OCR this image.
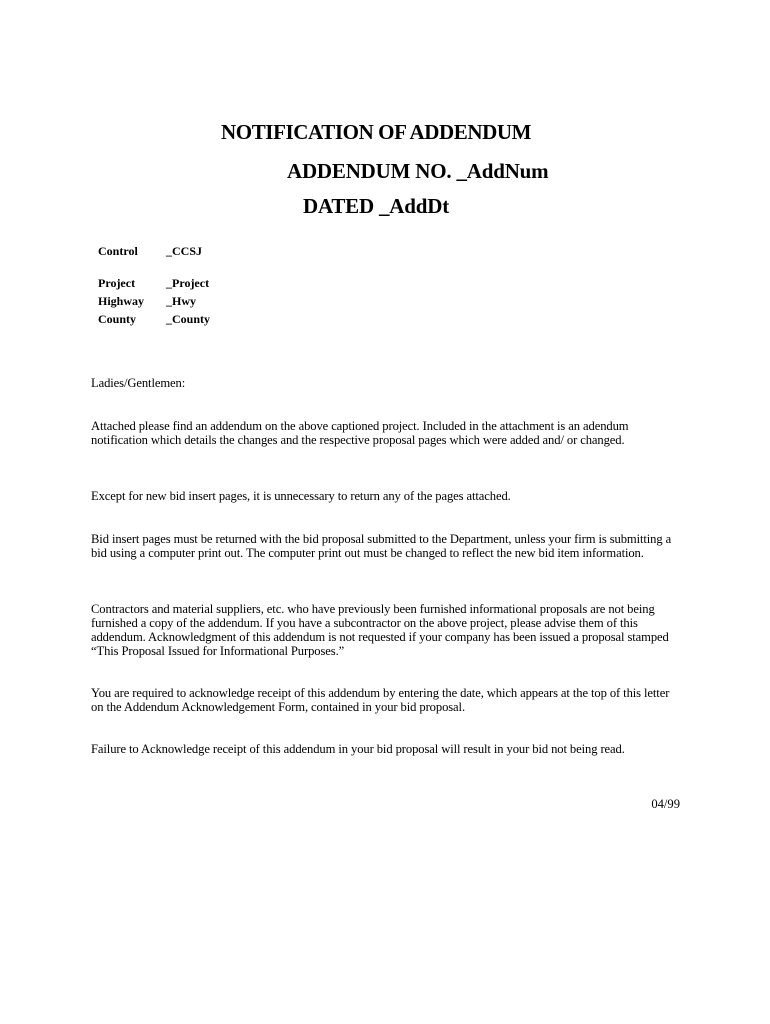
NOTIFICATION OF ADDENDUM
ADDENDUM NO. _AddNum
DATED _AddDt
Control _CCSJ
Project	_Project
Highway _Hwy
County _County
Ladies/Gentlemen:
Attached please find an addendum on the above captioned project. Included in the attachment is an adendum notification which details the changes and the respective proposal pages which were added and/ or changed.
Except for new bid insert pages, it is unnecessary to return any of the pages attached.
Bid insert pages must be returned with the bid proposal submitted to the Department, unless your firm is submitting a bid using a computer print out. The computer print out must be changed to reflect the new bid item information.
Contractors and material suppliers, etc. who have previously been furnished informational proposals are not being furnished a copy of the addendum. If you have a subcontractor on the above project, please advise them of this addendum. Acknowledgment of this addendum is not requested if your company has been issued a proposal stamped “This Proposal Issued for Informational Purposes.”
You are required to acknowledge receipt of this addendum by entering the date, which appears at the top of this letter on the Addendum Acknowledgement Form, contained in your bid proposal.
Failure to Acknowledge receipt of this addendum in your bid proposal will result in your bid not being read.
04/99
